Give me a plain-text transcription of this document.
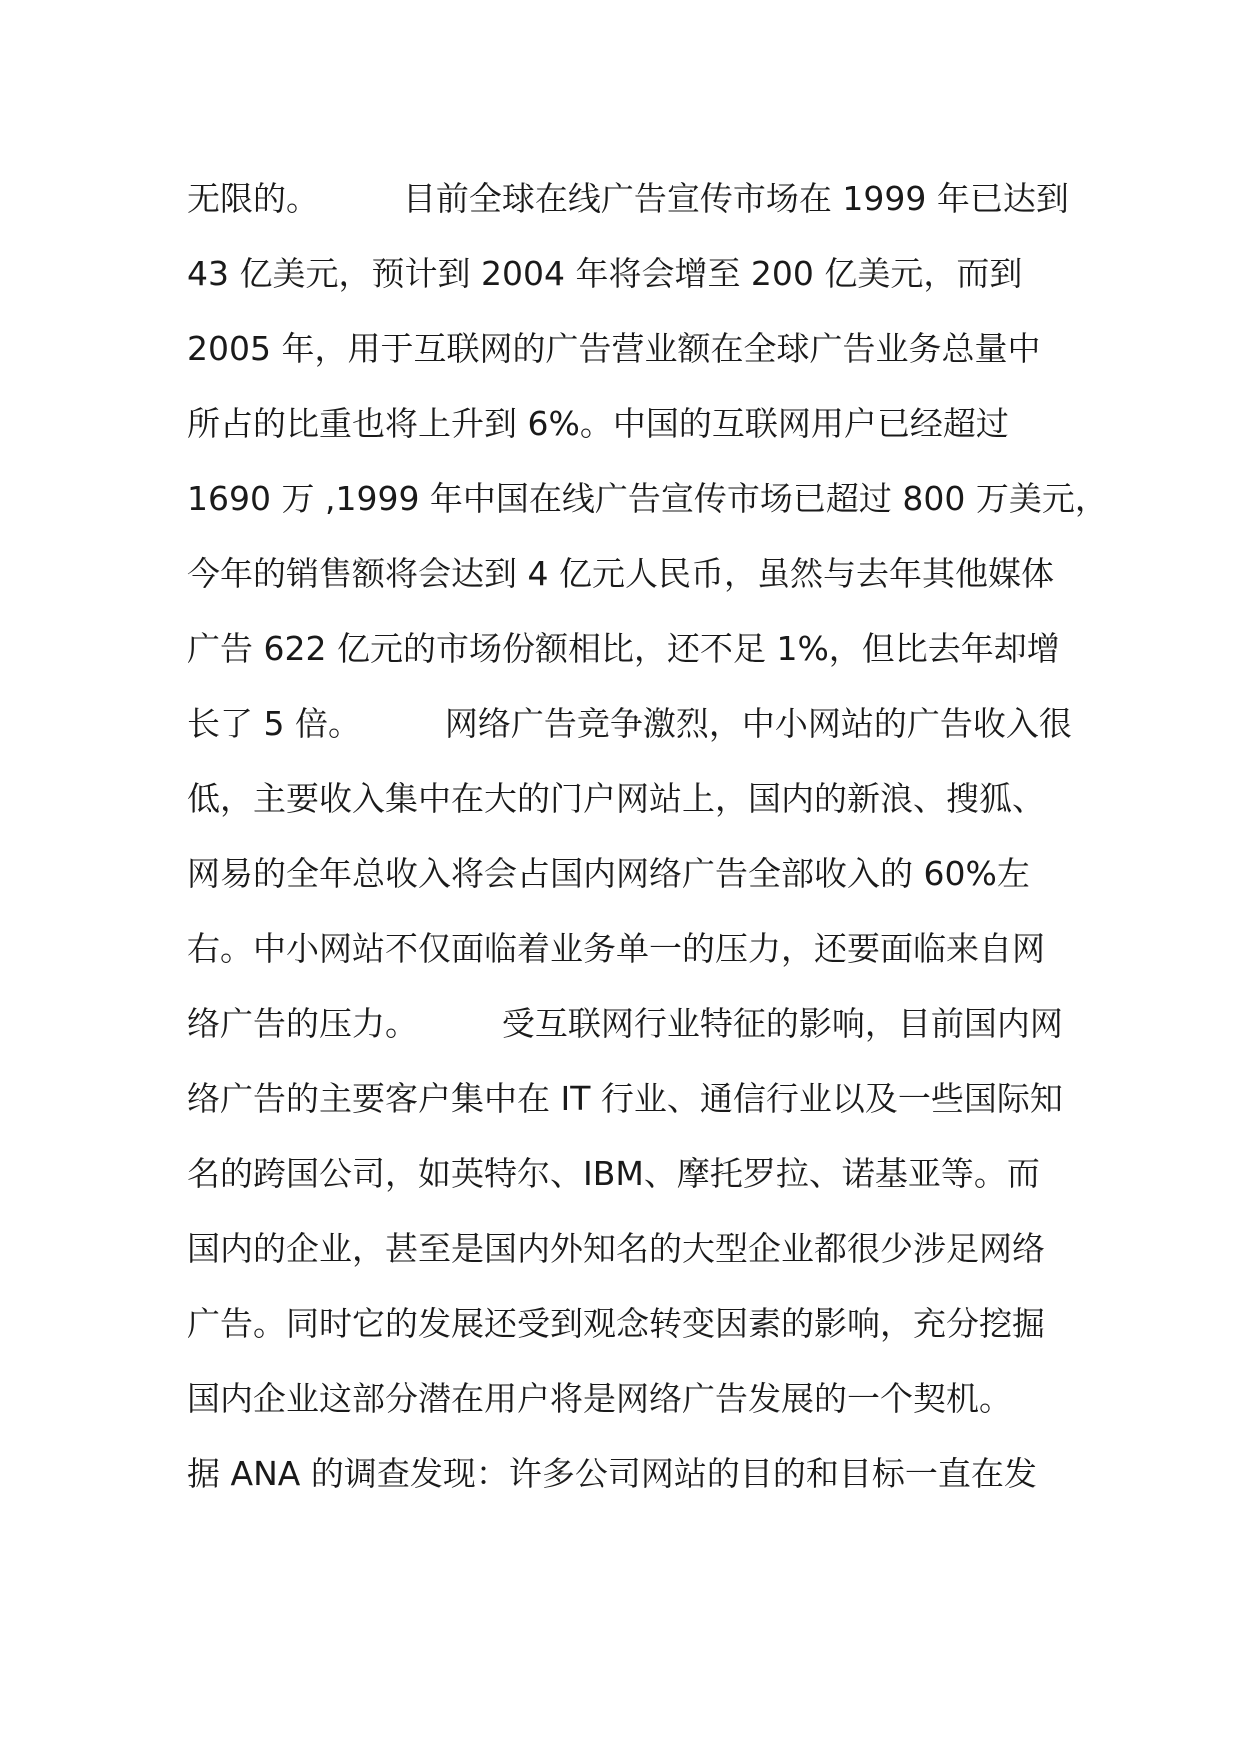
无限的。        目前全球在线广告宣传市场在 1999 年已达到
43 亿美元，预计到 2004 年将会增至 200 亿美元，而到
2005 年，用于互联网的广告营业额在全球广告业务总量中
所占的比重也将上升到 6%。中国的互联网用户已经超过
1690 万 ,1999 年中国在线广告宣传市场已超过 800 万美元，
今年的销售额将会达到 4 亿元人民币，虽然与去年其他媒体
广告 622 亿元的市场份额相比，还不足 1%，但比去年却增
长了 5 倍。        网络广告竞争激烈，中小网站的广告收入很
低，主要收入集中在大的门户网站上，国内的新浪、搜狐、
网易的全年总收入将会占国内网络广告全部收入的 60%左
右。中小网站不仅面临着业务单一的压力，还要面临来自网
络广告的压力。        受互联网行业特征的影响，目前国内网
络广告的主要客户集中在 IT 行业、通信行业以及一些国际知
名的跨国公司，如英特尔、IBM、摩托罗拉、诺基亚等。而
国内的企业，甚至是国内外知名的大型企业都很少涉足网络
广告。同时它的发展还受到观念转变因素的影响，充分挖掘
国内企业这部分潜在用户将是网络广告发展的一个契机。
据 ANA 的调查发现：许多公司网站的目的和目标一直在发
